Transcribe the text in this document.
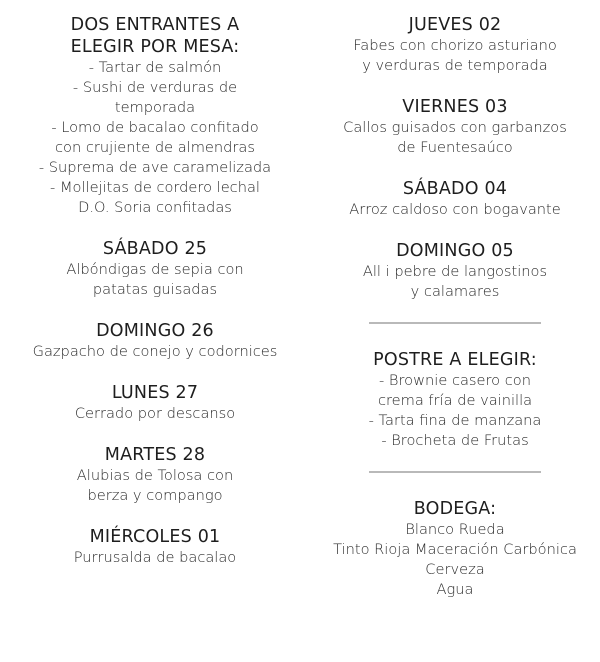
DOS ENTRANTES A
ELEGIR POR MESA:
- Tartar de salmón
- Sushi de verduras de
temporada
- Lomo de bacalao confitado
con crujiente de almendras
- Suprema de ave caramelizada
- Mollejitas de cordero lechal
D.O. Soria confitadas
SÁBADO 25
Albóndigas de sepia con
patatas guisadas
DOMINGO 26
Gazpacho de conejo y codornices
LUNES 27
Cerrado por descanso
MARTES 28
Alubias de Tolosa con
berza y compango
MIÉRCOLES 01
Purrusalda de bacalao
JUEVES 02
Fabes con chorizo asturiano
y verduras de temporada
VIERNES 03
Callos guisados con garbanzos
de Fuentesaúco
SÁBADO 04
Arroz caldoso con bogavante
DOMINGO 05
All i pebre de langostinos
y calamares
POSTRE A ELEGIR:
- Brownie casero con
crema fría de vainilla
- Tarta fina de manzana
- Brocheta de Frutas
BODEGA:
Blanco Rueda
Tinto Rioja Maceración Carbónica
Cerveza
Agua
